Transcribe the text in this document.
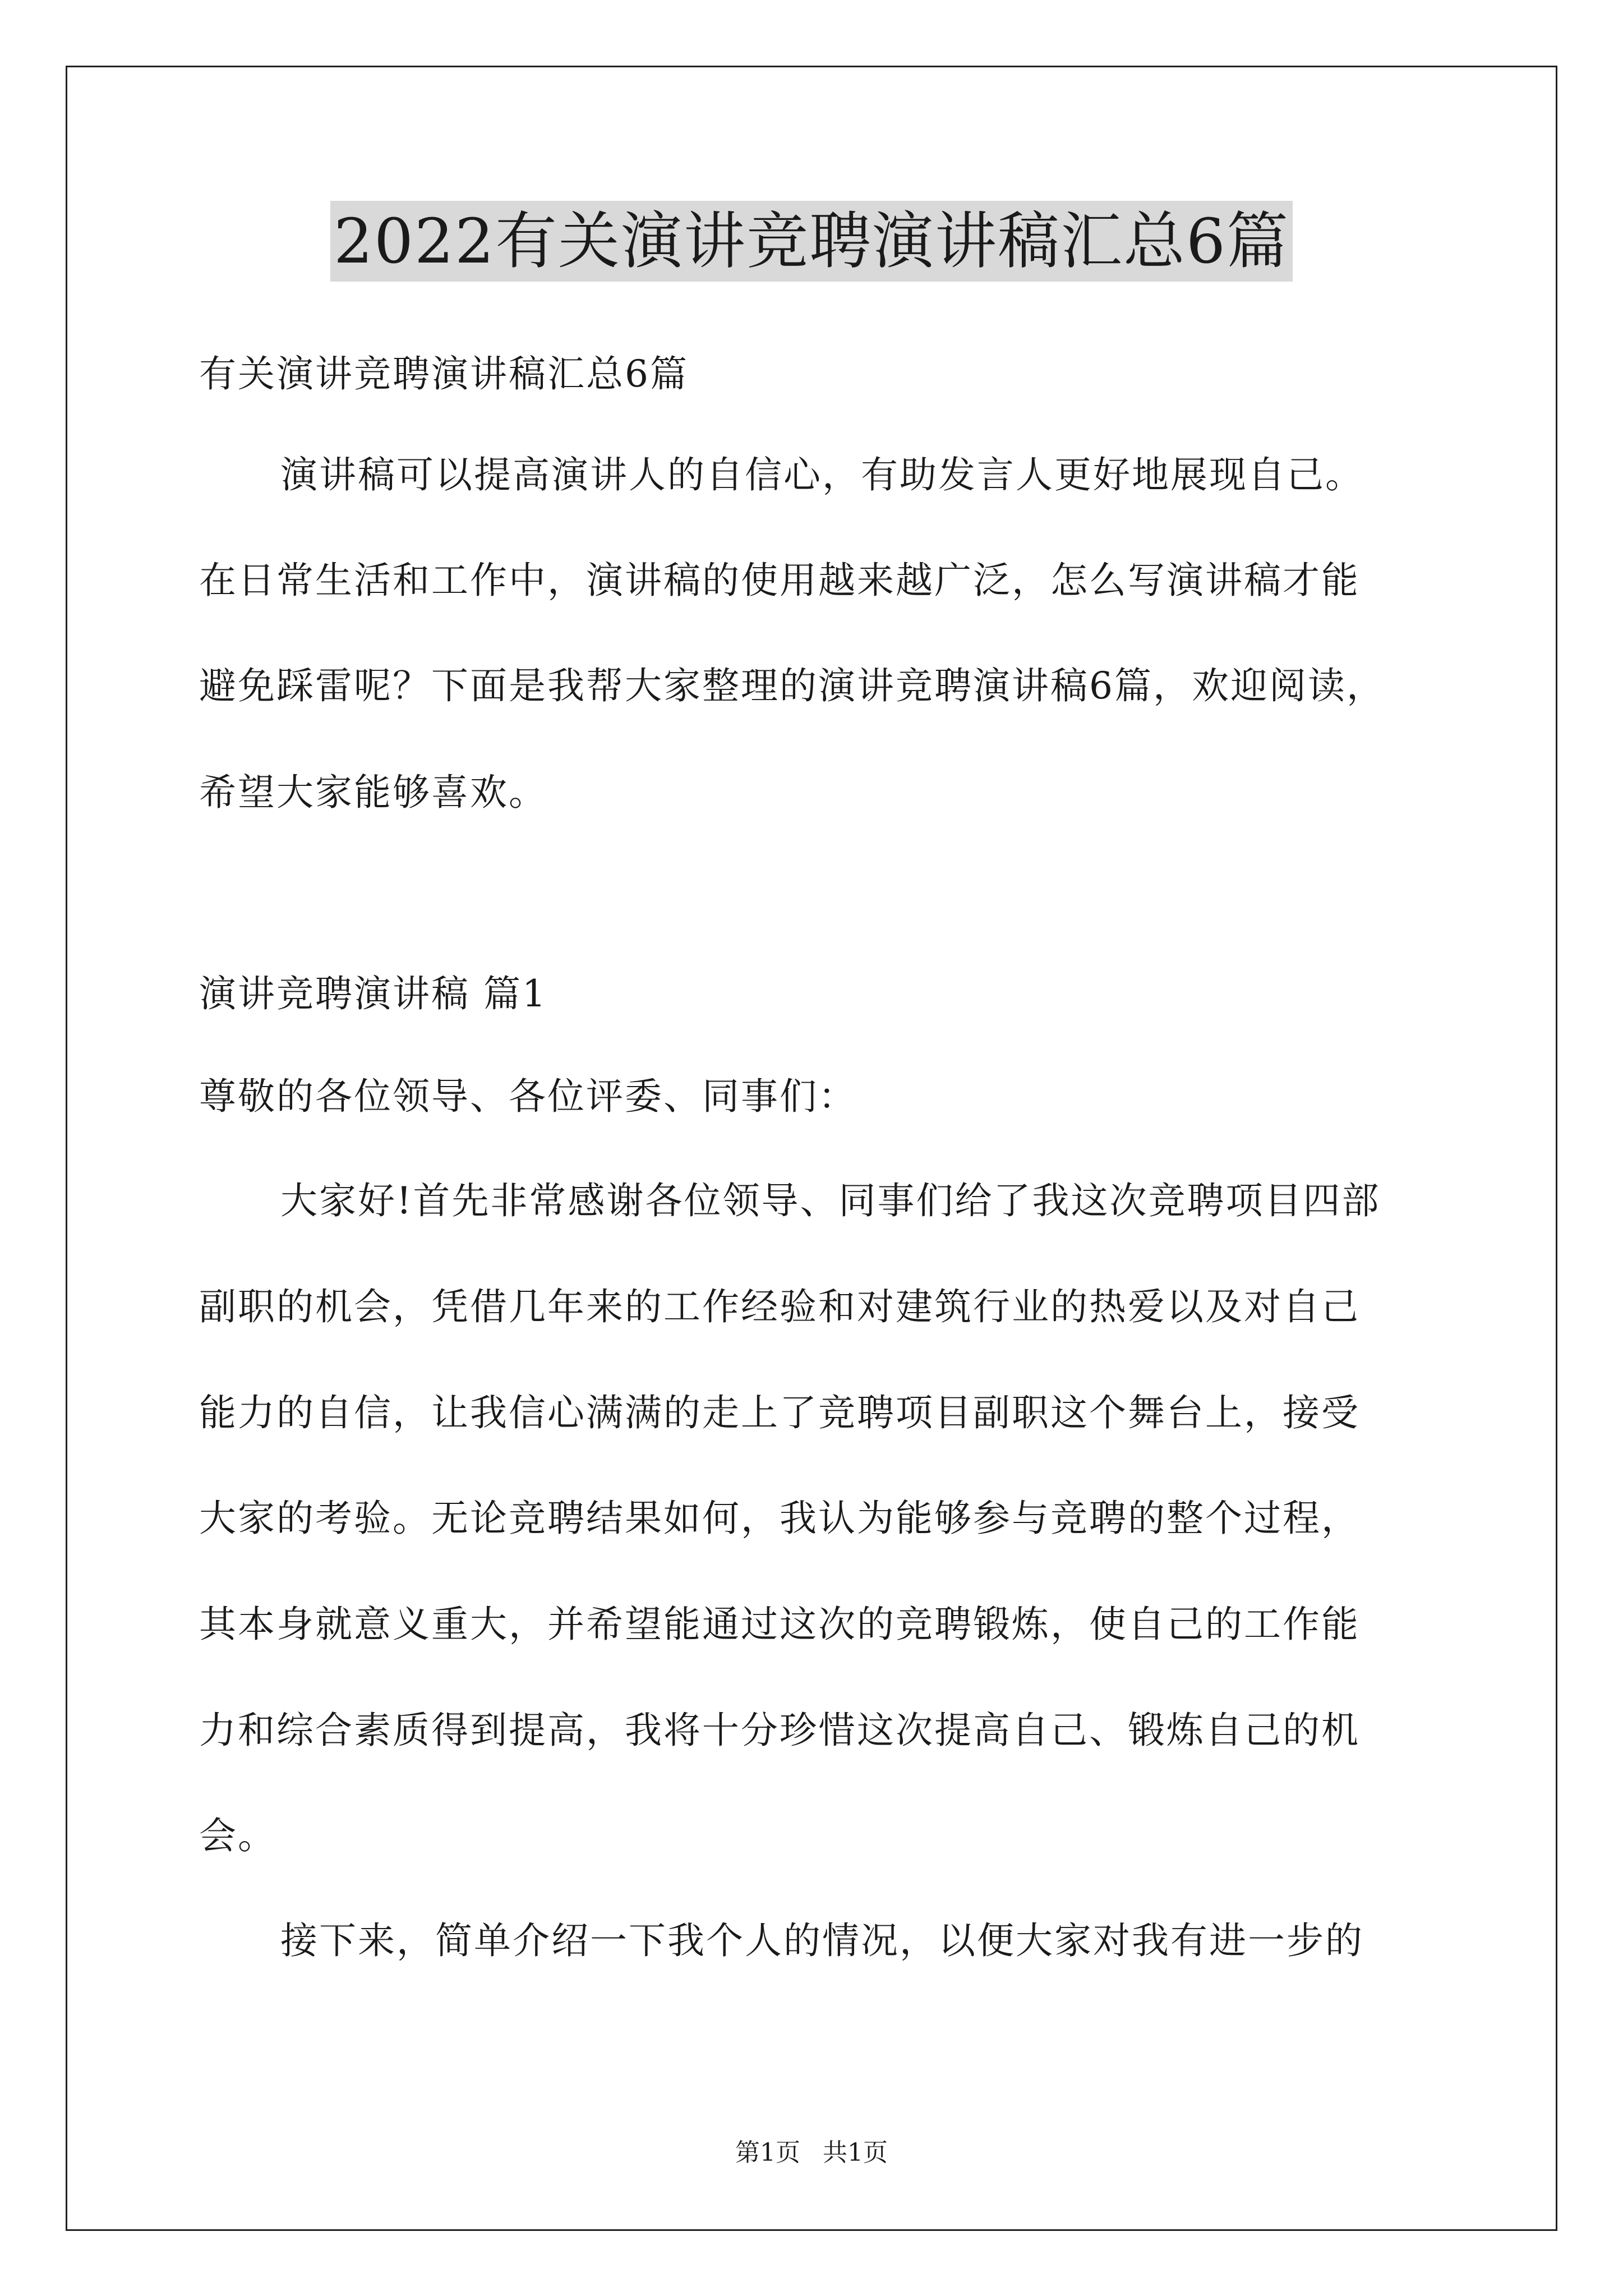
2022有关演讲竞聘演讲稿汇总6篇
有关演讲竞聘演讲稿汇总6篇
演讲稿可以提高演讲人的自信心，有助发言人更好地展现自己。
在日常生活和工作中，演讲稿的使用越来越广泛，怎么写演讲稿才能
避免踩雷呢？下面是我帮大家整理的演讲竞聘演讲稿6篇，欢迎阅读，
希望大家能够喜欢。
演讲竞聘演讲稿 篇1
尊敬的各位领导、各位评委、同事们：
大家好!首先非常感谢各位领导、同事们给了我这次竞聘项目四部
副职的机会，凭借几年来的工作经验和对建筑行业的热爱以及对自己
能力的自信，让我信心满满的走上了竞聘项目副职这个舞台上，接受
大家的考验。无论竞聘结果如何，我认为能够参与竞聘的整个过程，
其本身就意义重大，并希望能通过这次的竞聘锻炼，使自己的工作能
力和综合素质得到提高，我将十分珍惜这次提高自己、锻炼自己的机
会。
接下来，简单介绍一下我个人的情况，以便大家对我有进一步的
第1页 共1页
